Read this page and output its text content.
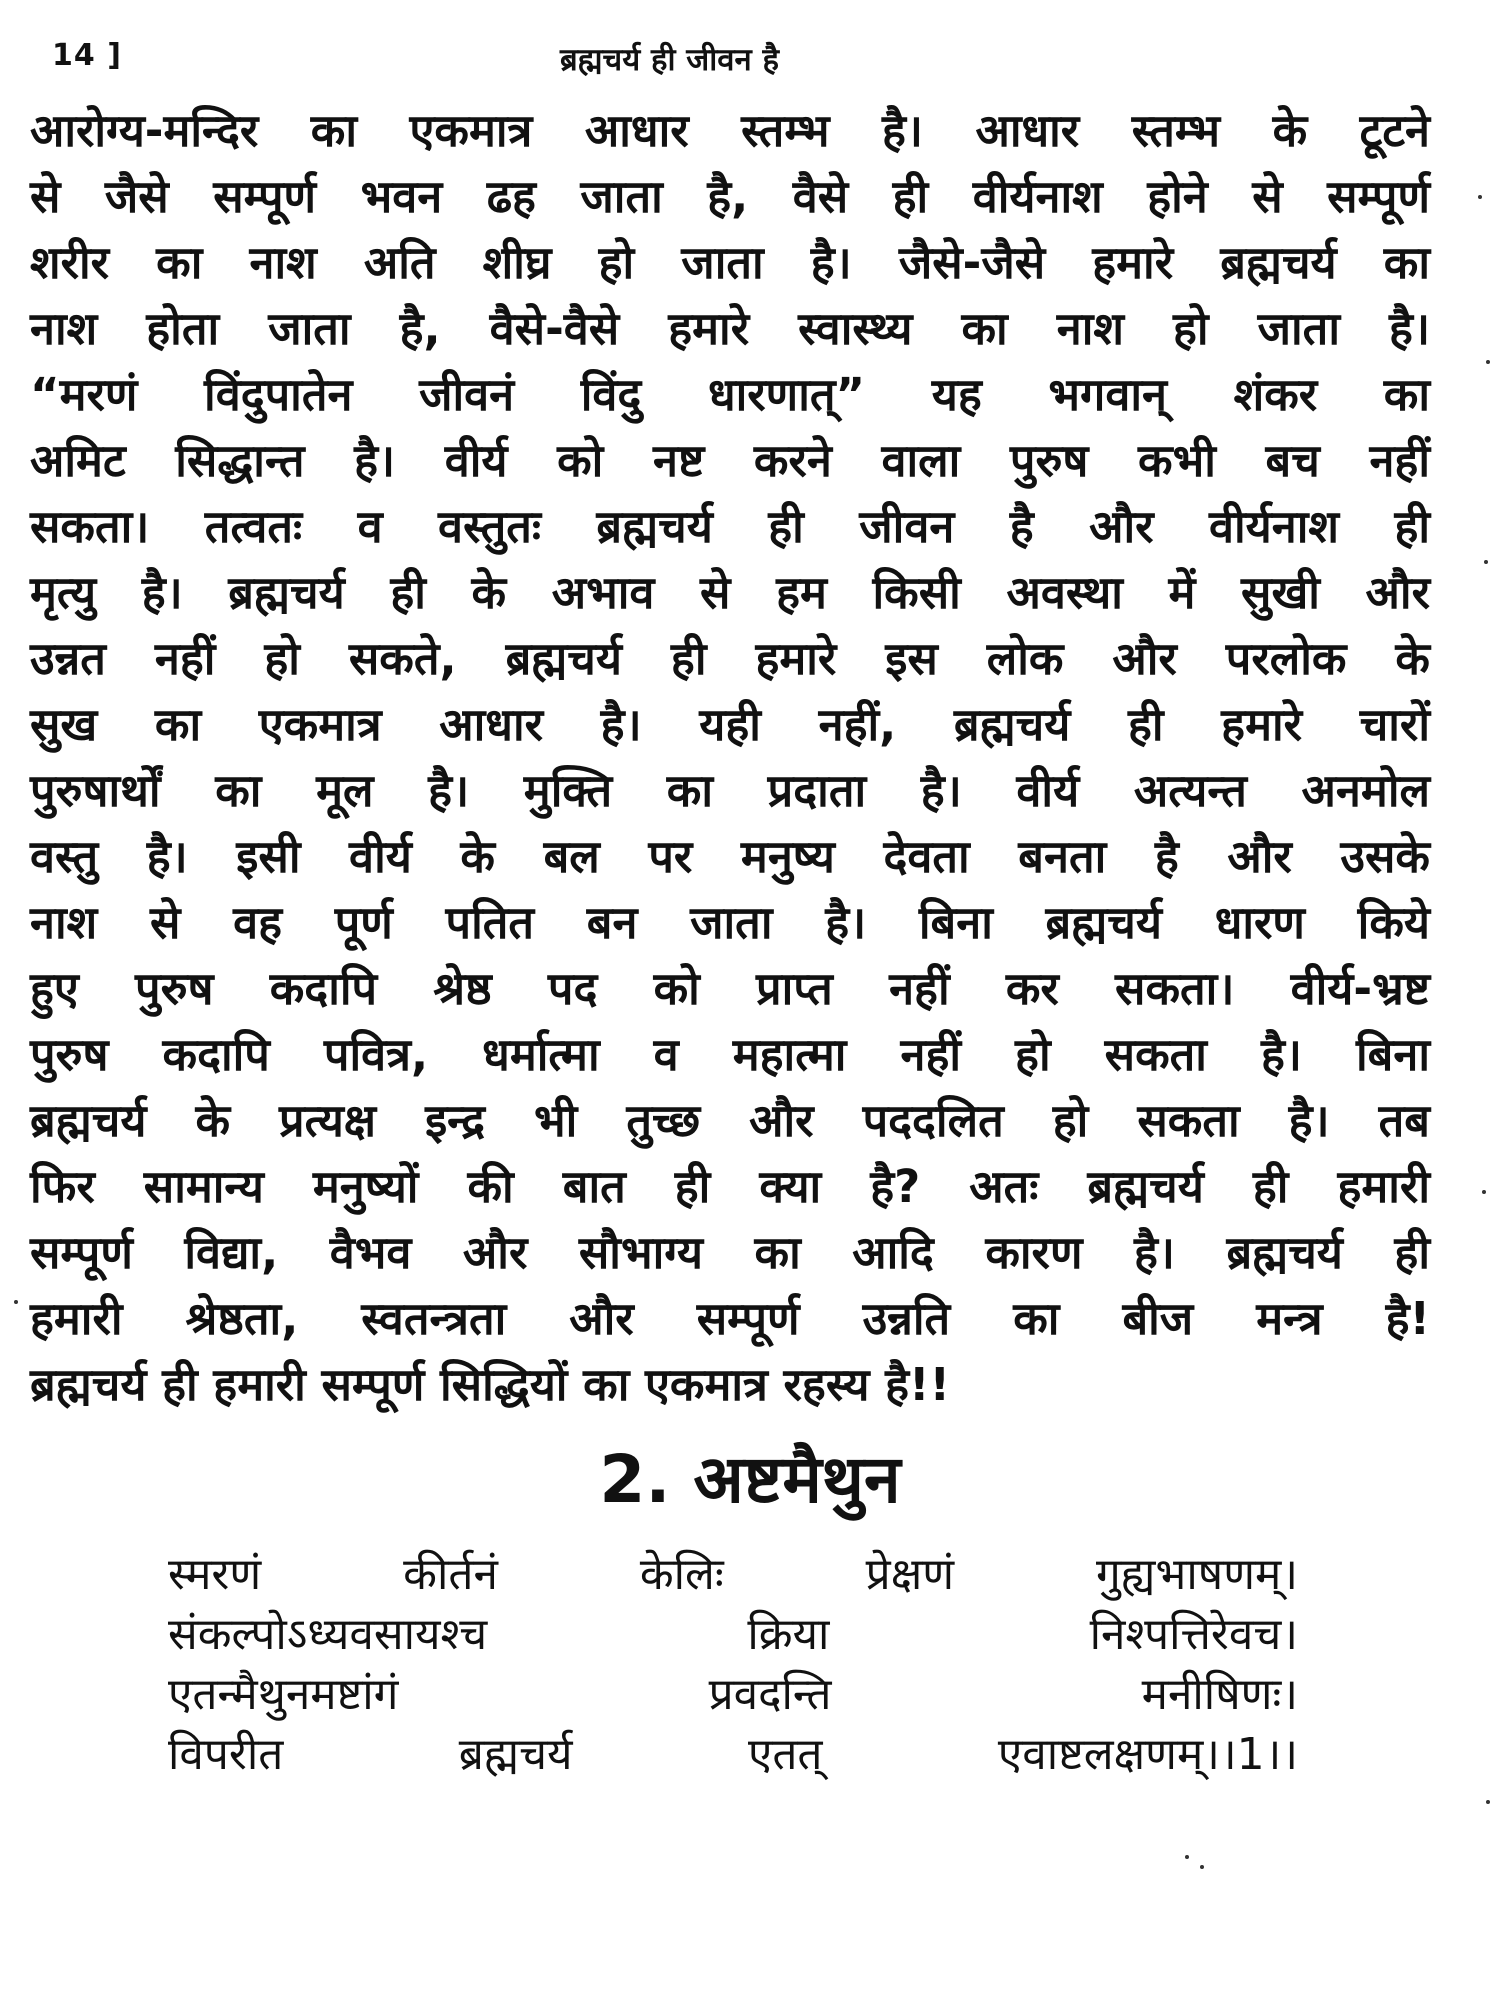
14 ]	ब्रह्मचर्य ही जीवन है
आरोग्य-मन्दिर का एकमात्र आधार स्तम्भ है। आधार स्तम्भ के टूटने
से जैसे सम्पूर्ण भवन ढह जाता है, वैसे ही वीर्यनाश होने से सम्पूर्ण
शरीर का नाश अति शीघ्र हो जाता है। जैसे-जैसे हमारे ब्रह्मचर्य का
नाश होता जाता है, वैसे-वैसे हमारे स्वास्थ्य का नाश हो जाता है।
“मरणं विंदुपातेन जीवनं विंदु धारणात्” यह भगवान् शंकर का
अमिट सिद्धान्त है। वीर्य को नष्ट करने वाला पुरुष कभी बच नहीं
सकता। तत्वतः व वस्तुतः ब्रह्मचर्य ही जीवन है और वीर्यनाश ही
मृत्यु है। ब्रह्मचर्य ही के अभाव से हम किसी अवस्था में सुखी और
उन्नत नहीं हो सकते, ब्रह्मचर्य ही हमारे इस लोक और परलोक के
सुख का एकमात्र आधार है। यही नहीं, ब्रह्मचर्य ही हमारे चारों
पुरुषार्थों का मूल है। मुक्ति का प्रदाता है। वीर्य अत्यन्त अनमोल
वस्तु है। इसी वीर्य के बल पर मनुष्य देवता बनता है और उसके
नाश से वह पूर्ण पतित बन जाता है। बिना ब्रह्मचर्य धारण किये
हुए पुरुष कदापि श्रेष्ठ पद को प्राप्त नहीं कर सकता। वीर्य-भ्रष्ट
पुरुष कदापि पवित्र, धर्मात्मा व महात्मा नहीं हो सकता है। बिना
ब्रह्मचर्य के प्रत्यक्ष इन्द्र भी तुच्छ और पददलित हो सकता है। तब
फिर सामान्य मनुष्यों की बात ही क्या है? अतः ब्रह्मचर्य ही हमारी
सम्पूर्ण विद्या, वैभव और सौभाग्य का आदि कारण है। ब्रह्मचर्य ही
हमारी श्रेष्ठता, स्वतन्त्रता और सम्पूर्ण उन्नति का बीज मन्त्र है!
ब्रह्मचर्य ही हमारी सम्पूर्ण सिद्धियों का एकमात्र रहस्य है!!
2. अष्टमैथुन
स्मरणं कीर्तनं केलिः प्रेक्षणं गुह्यभाषणम्।
संकल्पोऽध्यवसायश्च क्रिया निश्पत्तिरेवच।
एतन्मैथुनमष्टांगं प्रवदन्ति मनीषिणः।
विपरीत ब्रह्मचर्य एतत् एवाष्टलक्षणम्।।1।।
